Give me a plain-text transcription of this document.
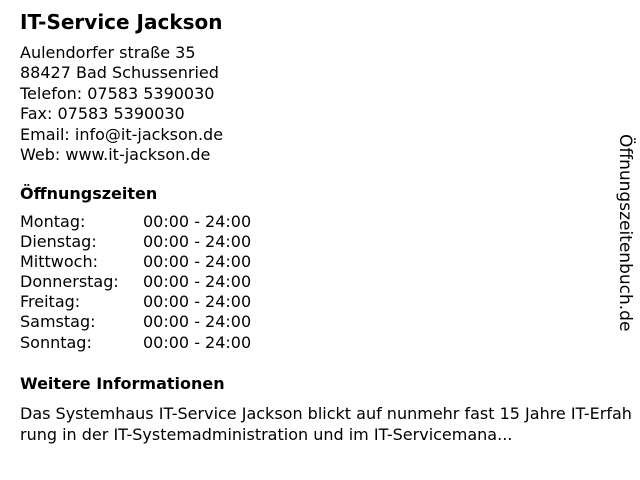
IT-Service Jackson
Aulendorfer straße 35
88427 Bad Schussenried
Telefon: 07583 5390030
Fax: 07583 5390030
Email: info@it-jackson.de
Web: www.it-jackson.de
Öffnungszeiten
Montag:	00:00 - 24:00
Dienstag:	00:00 - 24:00
Mittwoch:	00:00 - 24:00
Donnerstag: 00:00 - 24:00
Freitag:	00:00 - 24:00
Samstag:	00:00 - 24:00
Sonntag:	00:00 - 24:00
Weitere Informationen
Das Systemhaus IT-Service Jackson blickt auf nunmehr fast 15 Jahre IT-Erfahrung in der IT-Systemadministration und im IT-Servicemana...
Öffnungszeitenbuch.de
